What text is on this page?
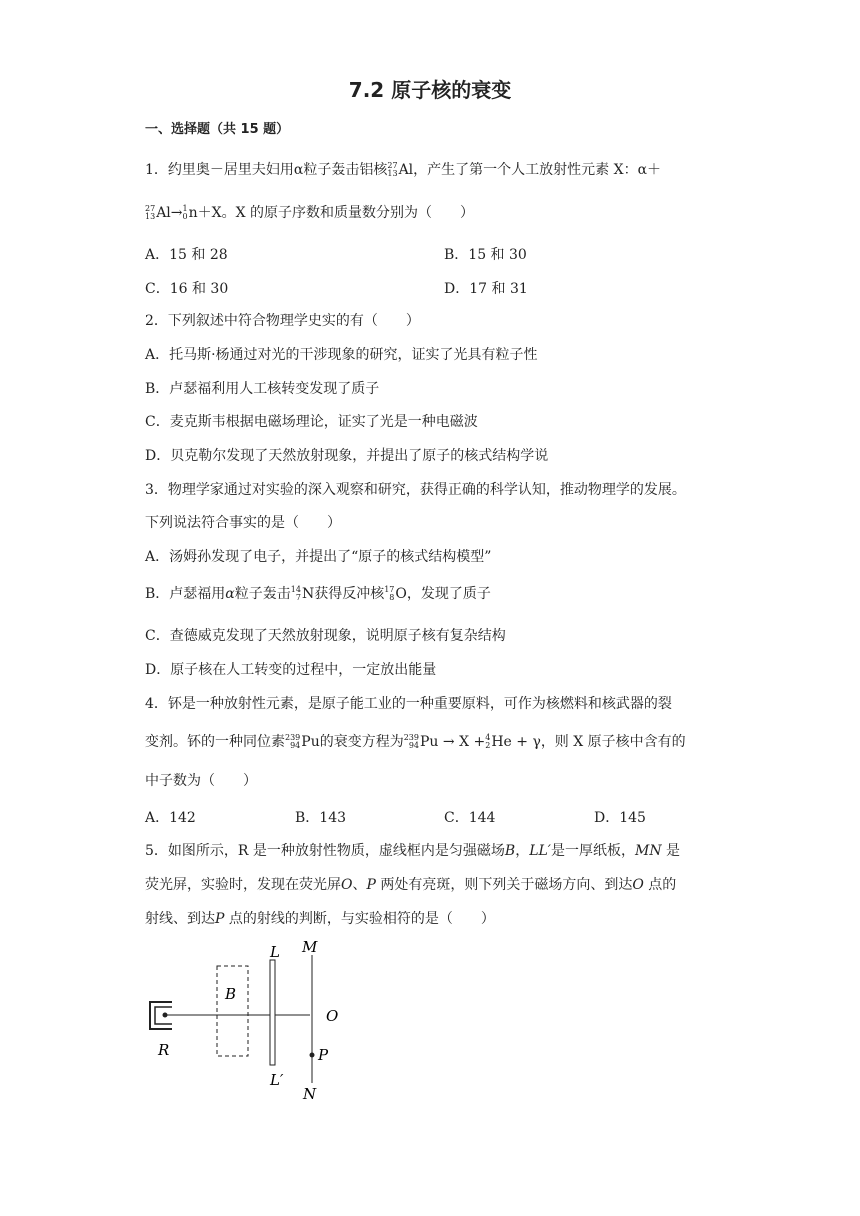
7.2 原子核的衰变
一、选择题（共 15 题）
1．约里奥－居里夫妇用α粒子轰击铝核 27
13 Al，产生了第一个人工放射性元素 X：α＋
27
13 Al→ 1
0 n＋X。X 的原子序数和质量数分别为（　　）
A．15 和 28	B．15 和 30
C．16 和 30	D．17 和 31
2．下列叙述中符合物理学史实的有（　　）
A．托马斯·杨通过对光的干涉现象的研究，证实了光具有粒子性
B．卢瑟福利用人工核转变发现了质子
C．麦克斯韦根据电磁场理论，证实了光是一种电磁波
D．贝克勒尔发现了天然放射现象，并提出了原子的核式结构学说
3．物理学家通过对实验的深入观察和研究，获得正确的科学认知，推动物理学的发展。
下列说法符合事实的是（　　）
A．汤姆孙发现了电子，并提出了“原子的核式结构模型”
B．卢瑟福用α粒子轰击 14
7 N获得反冲核 17
8 O，发现了质子
C．查德威克发现了天然放射现象，说明原子核有复杂结构
D．原子核在人工转变的过程中，一定放出能量
4．钚是一种放射性元素，是原子能工业的一种重要原料，可作为核燃料和核武器的裂
变剂。钚的一种同位素 239
94 Pu的衰变方程为 239
94 Pu → X + 4
2 He + γ，则 X 原子核中含有的
中子数为（　　）
A．142	B．143	C．144	D．145
5．如图所示，R 是一种放射性物质，虚线框内是匀强磁场B，LL′是一厚纸板，MN 是
荧光屏，实验时，发现在荧光屏O、P 两处有亮斑，则下列关于磁场方向、到达O 点的
射线、到达P 点的射线的判断，与实验相符的是（　　）
M
L
B
O
R	P
L′
N
